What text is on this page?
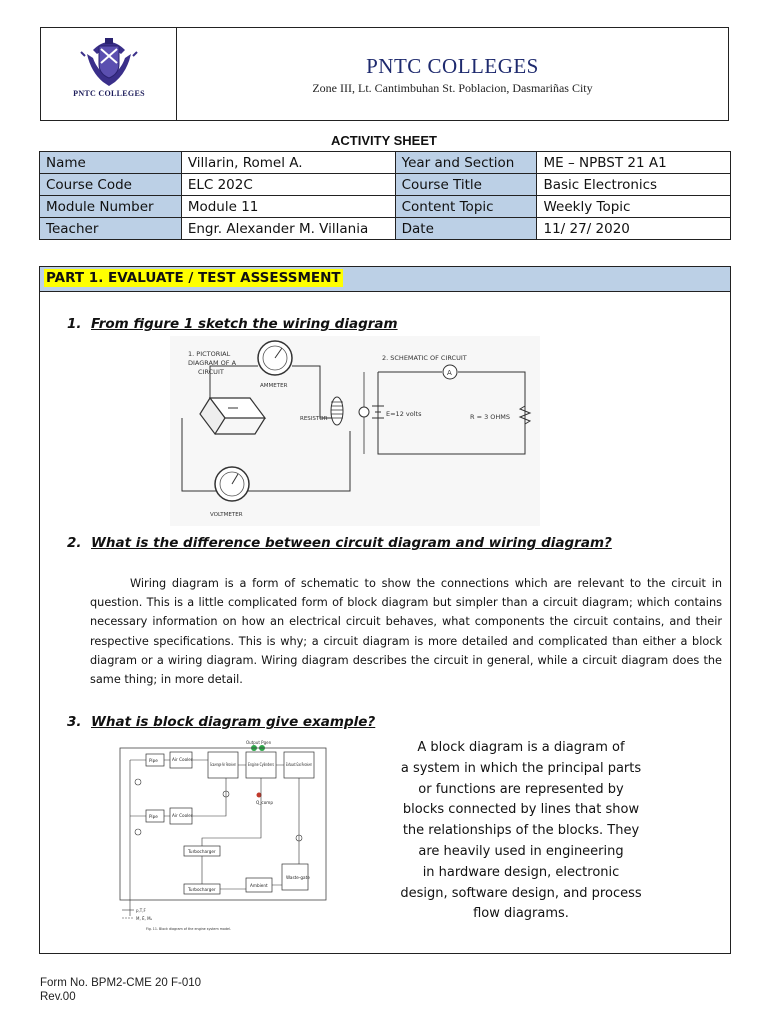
PNTC COLLEGES
PNTC COLLEGES
Zone III, Lt. Cantimbuhan St. Poblacion, Dasmariñas City
ACTIVITY SHEET
Name	Villarin, Romel A.	Year and Section	ME – NPBST 21 A1
Course Code	ELC 202C	Course Title	Basic Electronics
Module Number	Module 11	Content Topic	Weekly Topic
Teacher	Engr. Alexander M. Villania	Date	11/ 27/ 2020
PART 1. EVALUATE / TEST ASSESSMENT
1. From figure 1 sketch the wiring diagram
1. PICTORIAL
DIAGRAM OF A
CIRCUIT
AMMETER
RESISTOR
VOLTMETER
2. SCHEMATIC OF CIRCUIT
A
E=12 volts	R = 3 OHMS
2. What is the difference between circuit diagram and wiring diagram?

Wiring diagram is a form of schematic to show the connections which are relevant to the circuit in question. This is a little complicated form of block diagram but simpler than a circuit diagram; which contains necessary information on how an electrical circuit behaves, what components the circuit contains, and their respective specifications. This is why; a circuit diagram is more detailed and complicated than either a block diagram or a wiring diagram. Wiring diagram describes the circuit in general, while a circuit diagram does the same thing; in more detail.

3. What is block diagram give example?
Output Pgen
Pipe	Air Cooler
Scavenge Air Receiver	Engine Cylinders	Exhaust Gas Receiver
Pipe	Air Cooler
Turbocharger
Turbocharger
Ambient
Waste-gate
Q_comp
p,T,F
M, Ė, Mₑ
Fig. 11. Block diagram of the engine system model.
A block diagram is a diagram of
a system in which the principal parts
or functions are represented by
blocks connected by lines that show
the relationships of the blocks. They
are heavily used in engineering
in hardware design, electronic
design, software design, and process
flow diagrams.
Form No. BPM2-CME 20 F-010
Rev.00
